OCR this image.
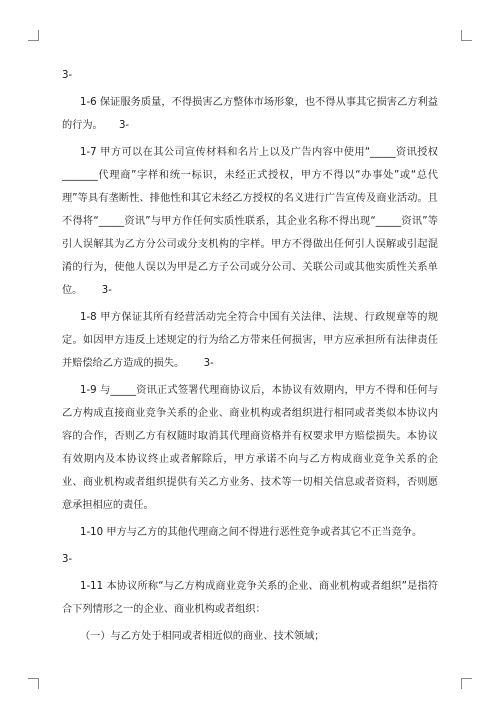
3-

1-6 保证服务质量，不得损害乙方整体市场形象，也不得从事其它损害乙方利益的行为。     3-

1-7 甲方可以在其公司宣传材料和名片上以及广告内容中使用“_____资讯授权_______代理商”字样和统一标识，未经正式授权，甲方不得以“办事处”或“总代理”等具有垄断性、排他性和其它未经乙方授权的名义进行广告宣传及商业活动。且不得将“_____资讯”与甲方作任何实质性联系，其企业名称不得出现“_____资讯”等引人误解其为乙方分公司或分支机构的字样。甲方不得做出任何引人误解或引起混淆的行为，使他人误以为甲是乙方子公司或分公司、关联公司或其他实质性关系单位。      3-

1-8 甲方保证其所有经营活动完全符合中国有关法律、法规、行政规章等的规定。如因甲方违反上述规定的行为给乙方带来任何损害，甲方应承担所有法律责任并赔偿给乙方造成的损失。      3-

1-9 与_____资讯正式签署代理商协议后，本协议有效期内，甲方不得和任何与乙方构成直接商业竞争关系的企业、商业机构或者组织进行相同或者类似本协议内容的合作，否则乙方有权随时取消其代理商资格并有权要求甲方赔偿损失。本协议有效期内及本协议终止或者解除后，甲方承诺不向与乙方构成商业竞争关系的企业、商业机构或者组织提供有关乙方业务、技术等一切相关信息或者资料，否则愿意承担相应的责任。

1-10 甲方与乙方的其他代理商之间不得进行恶性竞争或者其它不正当竞争。

3-

1-11 本协议所称“与乙方构成商业竞争关系的企业、商业机构或者组织”是指符合下列情形之一的企业、商业机构或者组织：

（一）与乙方处于相同或者相近似的商业、技术领域；
